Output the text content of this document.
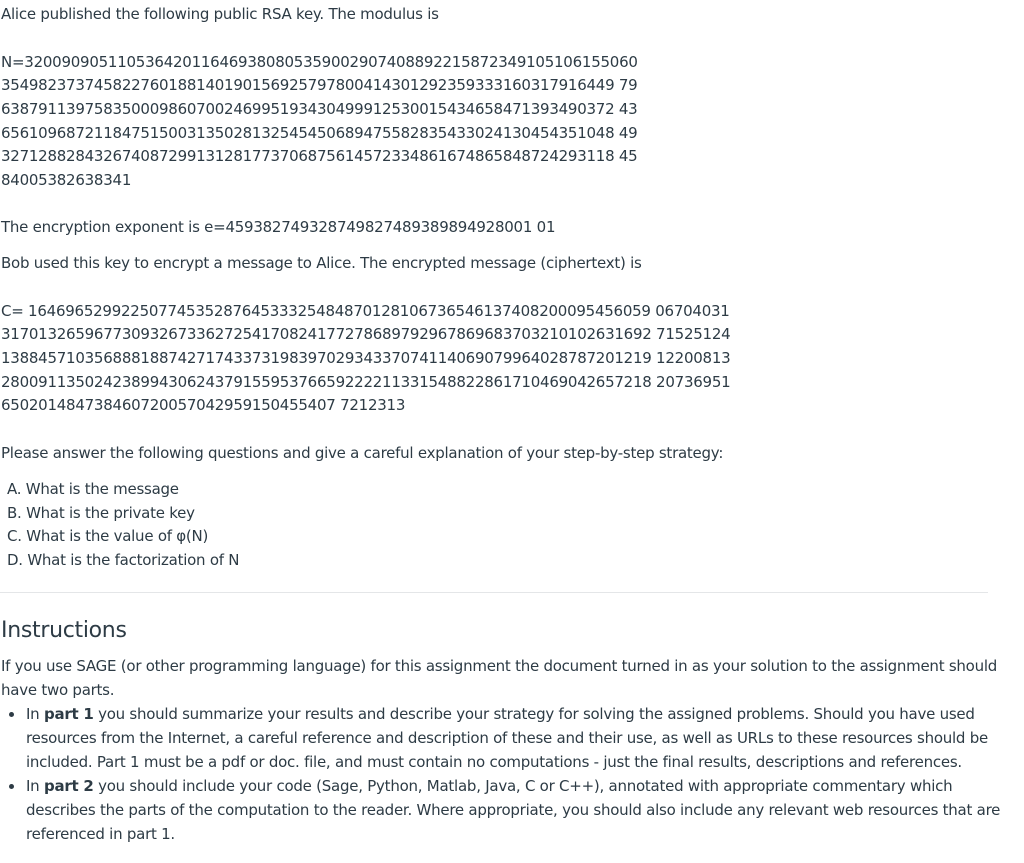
Alice published the following public RSA key. The modulus is
N=320090905110536420116469380805359002907408892215872349105106155060
354982373745822760188140190156925797800414301292359333160317916449 79
638791139758350009860700246995193430499912530015434658471393490372 43
656109687211847515003135028132545450689475582835433024130454351048 49
327128828432674087299131281773706875614572334861674865848724293118 45
84005382638341
The encryption exponent is e=459382749328749827489389894928001 01
Bob used this key to encrypt a message to Alice. The encrypted message (ciphertext) is
C= 1646965299225077453528764533325484870128106736546137408200095456059 06704031
3170132659677309326733627254170824177278689792967869683703210102631692 71525124
1388457103568881887427174337319839702934337074114069079964028787201219 12200813
2800911350242389943062437915595376659222211331548822861710469042657218 20736951
650201484738460720057042959150455407 7212313
Please answer the following questions and give a careful explanation of your step-by-step strategy:
A. What is the message
B. What is the private key
C. What is the value of φ(N)
D. What is the factorization of N
Instructions
If you use SAGE (or other programming language) for this assignment the document turned in as your solution to the assignment should have two parts.
In part 1 you should summarize your results and describe your strategy for solving the assigned problems. Should you have used resources from the Internet, a careful reference and description of these and their use, as well as URLs to these resources should be included. Part 1 must be a pdf or doc. file, and must contain no computations - just the final results, descriptions and references.
In part 2 you should include your code (Sage, Python, Matlab, Java, C or C++), annotated with appropriate commentary which describes the parts of the computation to the reader. Where appropriate, you should also include any relevant web resources that are referenced in part 1.
